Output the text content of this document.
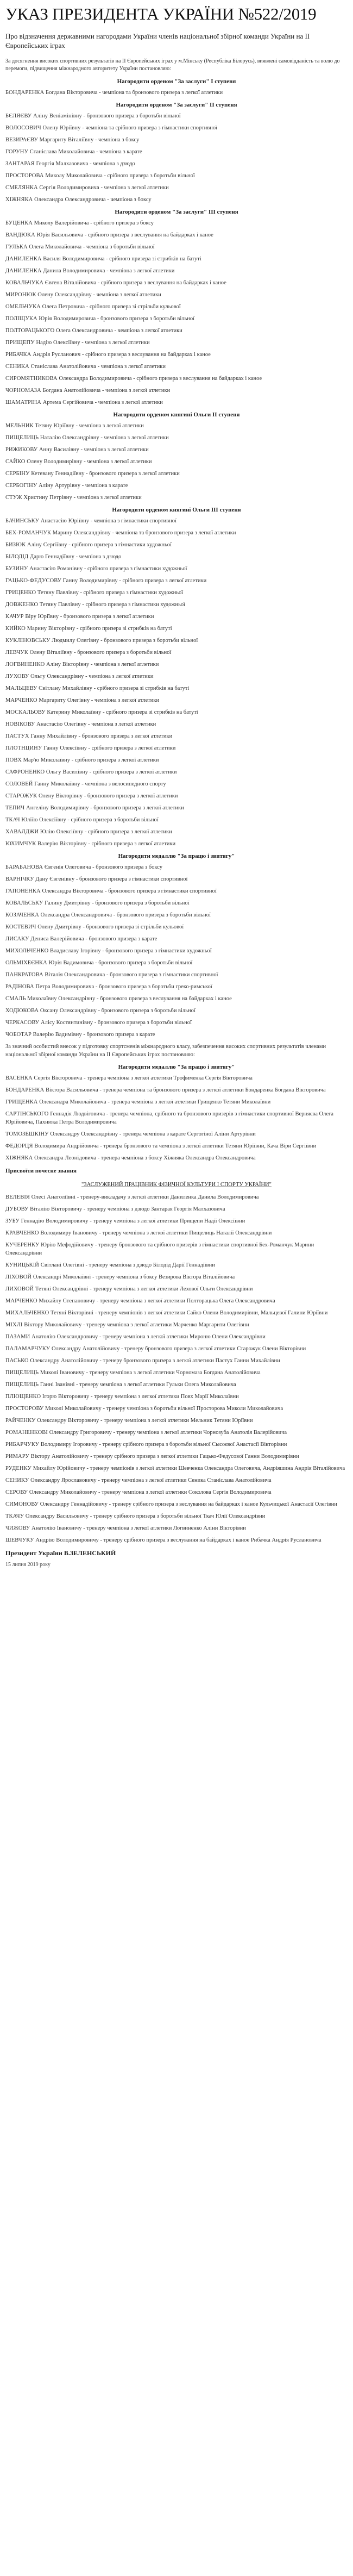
УКАЗ ПРЕЗИДЕНТА УКРАЇНИ №522/2019
Про відзначення державними нагородами України членів національної збірної команди України на ІІ Європейських іграх
За досягнення високих спортивних результатів на ІІ Європейських іграх у м.Мінську (Республіка Білорусь), виявлені самовідданість та волю до перемоги, підвищення міжнародного авторитету України постановляю:
Нагородити орденом "За заслуги" І ступеня
БОНДАРЕНКА Богдана Вікторовича - чемпіона та бронзового призера з легкої атлетики
Нагородити орденом "За заслуги" ІІ ступеня
БЄЛЯЄВУ Аліну Веніамінівну - бронзового призера з боротьби вільної
ВОЛОСОВИЧ Олену Юріївну - чемпіона та срібного призера з гімнастики спортивної
ВЕЗИРАЄВУ Маргариту Віталіївну - чемпіона з боксу
ГОРУНУ Станіслава Миколайовича - чемпіона з карате
ЗАНТАРАЯ Георгія Малхазовича - чемпіона з дзюдо
ПРОСТОРОВА Миколу Миколайовича - срібного призера з боротьби вільної
СМЕЛЯНКА Сергія Володимировича - чемпіона з легкої атлетики
ХІЖНЯКА Олександра Олександровича - чемпіона з боксу
Нагородити орденом "За заслуги" ІІІ ступеня
БУЦЕНКА Миколу Валерійовича - срібного призера з боксу
ВАНДЮКА Юрія Васильовича - срібного призера з веслування на байдарках і каное
ГУЛЬКА Олега Миколайовича - чемпіона з боротьби вільної
ДАНИЛЕНКА Василя Володимировича - срібного призера зі стрибків на батуті
ДАНИЛЕНКА Данила Володимировича - чемпіона з легкої атлетики
КОВАЛЬЧУКА Євгена Віталійовича - срібного призера з веслування на байдарках і каное
МИРОНЮК Олену Олександрівну - чемпіона з легкої атлетики
ОМЕЛЬЧУКА Олега Петровича - срібного призера зі стрільби кульової
ПОЛІЩУКА Юрія Володимировича - бронзового призера з боротьби вільної
ПОЛТОРАЦЬКОГО Олега Олександровича - чемпіона з легкої атлетики
ПРИЩЕПУ Надію Олексіївну - чемпіона з легкої атлетики
РИБАЧКА Андрія Русланович - срібного призера з веслування на байдарках і каное
СЕНИКА Станіслава Анатолійовича - чемпіона з легкої атлетики
СИРОМЯТНИКОВА Олександра Володимировича - срібного призера з веслування на байдарках і каное
ЧОРНОМАЗА Богдана Анатолійовича - чемпіона з легкої атлетики
ШАМАТРІНА Артема Сергійовича - чемпіона з легкої атлетики
Нагородити орденом княгині Ольги ІІ ступеня
МЕЛЬНИК Тетяну Юріївну - чемпіона з легкої атлетики
ПИЩЕЛИЦЬ Наталію Олександрівну - чемпіона з легкої атлетики
РИЖИКОВУ Анну Василівну - чемпіона з легкої атлетики
САЙКО Олену Володимирівну - чемпіона з легкої атлетики
СЕРБІНУ Кетевану Геннадіївну - бронзового призера з легкої атлетики
СЕРБОГІНУ Аліну Артурівну - чемпіона з карате
СТУЖ Христину Петрівну - чемпіона з легкої атлетики
Нагородити орденом княгині Ольги ІІІ ступеня
БАЧИНСЬКУ Анастасію Юріївну - чемпіона з гімнастики спортивної
БЕХ-РОМАНЧУК Марину Олександрівну - чемпіона та бронзового призера з легкої атлетики
БИЗЮК Аліну Сергіївну - срібного призера з гімнастики художньої
БІЛОДІД Дарю Геннадіївну - чемпіона з дзюдо
БУЗИНУ Анастасію Романівну - срібного призера з гімнастики художньої
ГАЦЬКО-ФЕДУСОВУ Ганну Володимирівну - срібного призера з легкої атлетики
ГРИЦЕНКО Тетяну Павлівну - срібного призера з гімнастики художньої
ДОВЖЕНКО Тетяну Павлівну - срібного призера з гімнастики художньої
КАЧУР Віру Юріївну - бронзового призера з легкої атлетики
КИЙКО Марину Вікторівну - срібного призера зі стрибків на батуті
КУКЛІНОВСЬКУ Людмилу Олегівну - бронзового призера з боротьби вільної
ЛЕВЧУК Олену Віталіївну - бронзового призера з боротьби вільної
ЛОГВИНЕНКО Аліну Вікторівну - чемпіона з легкої атлетики
ЛУХОВУ Ольгу Олександрівну - чемпіона з легкої атлетики
МАЛЬЦЕВУ Світлану Михайлівну - срібного призера зі стрибків на батуті
МАРЧЕНКО Маргариту Олегівну - чемпіона з легкої атлетики
МОСКАЛЬОВУ Катерину Миколаївну - срібного призера зі стрибків на батуті
НОВІКОВУ Анастасію Олегівну - чемпіона з легкої атлетики
ПАСТУХ Ганну Михайлівну - бронзового призера з легкої атлетики
ПЛОТНЦИНУ Ганну Олексіївну - срібного призера з легкої атлетики
ПОВХ Мар'ю Миколаївну - срібного призера з легкої атлетики
САФРОНЕНКО Ольгу Василівну - срібного призера з легкої атлетики
СОЛОВЕЙ Ганну Миколаївну - чемпіона з велосипедного спорту
СТАРОЖУК Олену Вікторівну - бронзового призера з легкої атлетики
ТЕПИЧ Ангеліну Володимирівну - бронзового призера з легкої атлетики
ТКАЧ Юліїю Олексіївну - срібного призера з боротьби вільної
ХАВАЛДЖИ Юлію Олексіївну - срібного призера з легкої атлетики
ЮХИМЧУК Валерію Вікторівну - срібного призера з легкої атлетики
Нагородити медаллю "За працю і звитягу"
БАРАБАНОВА Євгенія Олеговича - бронзового призера з боксу
ВАРНІЧКУ Дану Євгенівну - бронзового призера з гімнастики спортивної
ГАПОНЕНКА Олександра Вікторовича - бронзового призера з гімнастики спортивної
КОВАЛЬСЬКУ Галину Дмитрівну - бронзового призера з боротьби вільної
КОЗАЧЕНКА Олександра Олександровича - бронзового призера з боротьби вільної
КОСТЕВИЧ Олену Дмитрівну - бронзового призера зі стрільби кульової
ЛИСАКУ Дениса Валерійовича - бронзового призера з карате
МИХОЛЬЧЕНКО Владиславу Ігорівну - бронзового призера з гімнастики художньої
ОЛЬМІХЕЄНКА Юрія Вадимовича - бронзового призера з боротьби вільної
ПАНКРАТОВА Віталія Олександровича - бронзового призера з гімнастики спортивної
РАДІНОВА Петра Володимировича - бронзового призера з боротьби греко-римської
СМАЛЬ Миколаївну Олександрівну - бронзового призера з веслування на байдарках і каное
ХОДЮКОВА Оксану Олександрівну - бронзового призера з боротьби вільної
ЧЕРКАСОВУ Алісу Костянтинівну - бронзового призера з боротьби вільної
ЧОБОТАР Валерію Вадимівну - бронзового призера з карате
За значний особистий внесок у підготовку спортсменів міжнародного класу, забезпечення високих спортивних результатів членами національної збірної команди України на ІІ Європейських іграх постановляю:
Нагородити медаллю "За працю і звитягу"
ВАСЕНКА Сергія Вікторовича - тренера чемпіона з легкої атлетики Трофименка Сергія Вікторовича
БОНДАРЕНКА Віктора Васильовича - тренера чемпіона та бронзового призера з легкої атлетики Бондаренка Богдана Вікторовича
ГРИЩЕНКА Олександра Миколайовича - тренера чемпіона з легкої атлетики Грищенко Тетяни Миколаївни
САРТІНСЬКОГО Геннадія Людвіговича - тренера чемпіона, срібного та бронзового призерів з гімнастики спортивної Верняєва Олега Юрійовича, Пахнюка Петра Володимировича
ТОМОЗЕШКІНУ Олександру Олександрівну - тренера чемпіона з карате Сергогіної Аліни Артурівни
ФЕДОРЦЯ Володимира Андрійовича - тренера бронзового та чемпіона з легкої атлетики Тетяни Юріївни, Кача Віри Сергіївни
ХІЖНЯКА Олександра Леонідовича - тренера чемпіона з боксу Хіжняка Олександра Олександровича
Присвоїти почесне звання
"ЗАСЛУЖЕНИЙ ПРАЦІВНИК ФІЗИЧНОЇ КУЛЬТУРИ І СПОРТУ УКРАЇНИ"
ВЕЛЕВІЯ Олесі Анатоліївні - тренеру-викладачу з легкої атлетики Даниленка Данила Володимировича
ДУБОВУ Віталію Вікторовичу - тренеру чемпіона з дзюдо Зантарая Георгія Малхазовича
ЗУБУ Геннадію Володимировичу - тренеру чемпіона з легкої атлетики Прищепи Надії Олексіївни
КРАВЧЕНКО Володимиру Івановичу - тренеру чемпіона з легкої атлетики Пищелиць Наталії Олександрівни
КУЧЕРЕНКУ Юрію Мефодійовичу - тренеру бронзового та срібного призерів з гімнастики спортивної Бех-Романчук Марини Олександрівни
КУНИЦЬКІЙ Світлані Олегівні - тренеру чемпіона з дзюдо Білодід Дарії Геннадіївни
ЛІХОВОЙ Олександрі Миколаївні - тренеру чемпіона з боксу Везирова Віктора Віталійовича
ЛИХОВОЙ Тетяні Олександрівні - тренеру чемпіона з легкої атлетики Лехової Ольги Олександрівни
МАРЧЕНКО Михайлу Степановичу - тренеру чемпіона з легкої атлетики Полторацька Олега Олександровича
МИХАЛЬЧЕНКО Тетяні Вікторівні - тренеру чемпіонів з легкої атлетики Сайко Олени Володимирівни, Мальцевої Галини Юріївни
МІХЛІ Віктору Миколайовичу - тренеру чемпіона з легкої атлетики Марченко Маргарити Олегівни
ПАЗАМИ Анатолію Олександровичу - тренеру чемпіона з легкої атлетики Мироню Олени Олександрівни
ПАЛАМАРЧУКУ Олександру Анатолійовичу - тренеру бронзового призера з легкої атлетики Старожук Олени Вікторівни
ПАСЬКО Олександру Анатолійовичу - тренеру бронзового призера з легкої атлетики Пастух Ганни Михайлівни
ПИЩЕЛИЦЬ Миколі Івановичу - тренеру чемпіона з легкої атлетики Чорномаза Богдана Анатолійовича
ПИЩЕЛИЦЬ Ганні Іванівні - тренеру чемпіона з легкої атлетики Гульки Олега Миколайовича
ПЛЮЩЕНКО Ігорю Вікторовичу - тренеру чемпіона з легкої атлетики Повх Марії Миколаївни
ПРОСТОРОВУ Миколі Миколайовичу - тренеру чемпіона з боротьби вільної Просторова Миколи Миколайовича
РАЙЧЕНКУ Олександру Вікторовичу - тренеру чемпіона з легкої атлетики Мельник Тетяни Юріївни
РОМАНЕНКОВІ Олександру Григоровичу - тренеру чемпіона з легкої атлетики Чорнозуба Анатолія Валерійовича
РИБАРЧУКУ Володимиру Ігоровичу - тренеру срібного призера з боротьби вільної Сысоєвої Анастасії Вікторівни
РИМАРУ Віктору Анатолійовичу - тренеру срібного призера з легкої атлетики Гацько-Федусової Ганни Володимирівни
РУДЕНКУ Михайлу Юрійовичу - тренеру чемпіонів з легкої атлетики Шевченка Олександра Олеговича, Андріяшина Андрія Віталійовича
СЕНИКУ Олександру Ярославовичу - тренеру чемпіона з легкої атлетики Сеника Станіслава Анатолійовича
СЕРОВУ Олександру Миколайовичу - тренеру чемпіона з легкої атлетики Соколова Сергія Володимировича
СИМОНОВУ Олександру Геннадійовичу - тренеру срібного призера з веслування на байдарках і каное Кульчицької Анастасії Олегівни
ТКАЧУ Олександру Васильовичу - тренеру срібного призера з боротьби вільної Ткач Юлії Олександрівни
ЧИЖОВУ Анатолію Івановичу - тренеру чемпіона з легкої атлетики Логвиненко Аліни Вікторівни
ШЕВЧУКУ Андрію Володимировичу - тренеру срібного призера з веслування на байдарках і каное Рибачка Андрія Руслановича
Президент України В.ЗЕЛЕНСЬКИЙ
15 липня 2019 року
